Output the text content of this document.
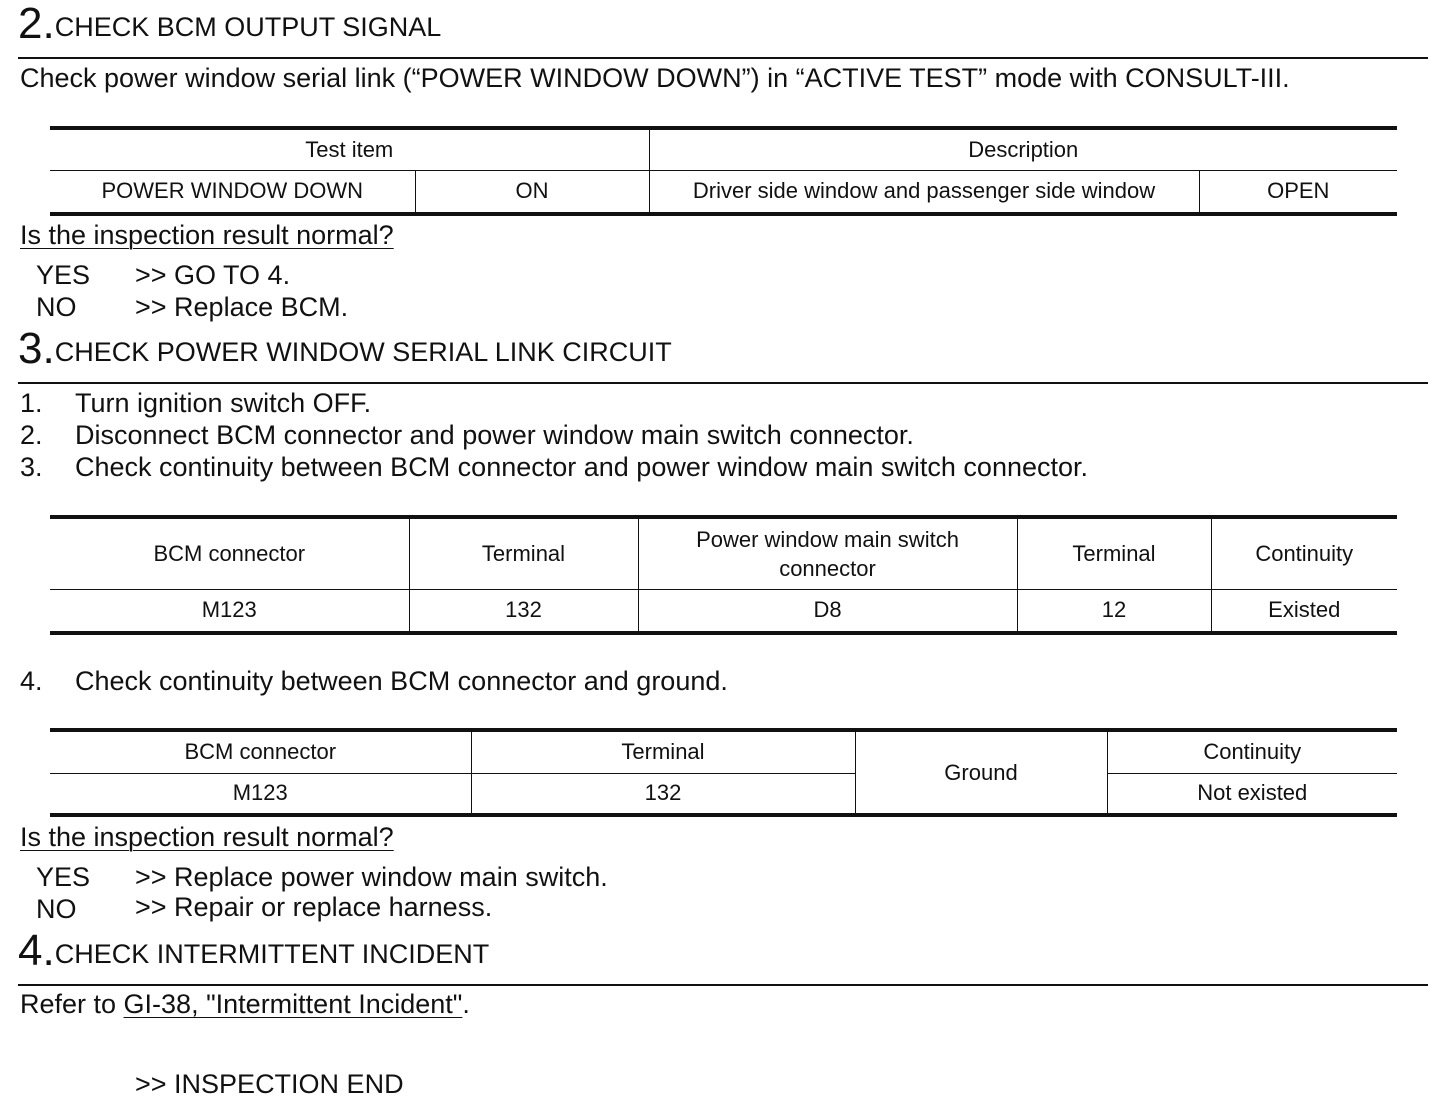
2.CHECK BCM OUTPUT SIGNAL
Check power window serial link (“POWER WINDOW DOWN”) in “ACTIVE TEST” mode with CONSULT-III.
Test item		Description	
POWER WINDOW DOWN	ON	Driver side window and passenger side window	OPEN
Is the inspection result normal?
YES >> GO TO 4.
NO >> Replace BCM.
3.CHECK POWER WINDOW SERIAL LINK CIRCUIT
1. Turn ignition switch OFF.
2. Disconnect BCM connector and power window main switch connector.
3. Check continuity between BCM connector and power window main switch connector.
BCM connector	Terminal	Power window main switch connector	Terminal	Continuity
M123	132	D8	12	Existed
4. Check continuity between BCM connector and ground.
BCM connector	Terminal	Ground	Continuity
M123	132		Not existed
Is the inspection result normal?
YES >> Replace power window main switch.
NO >> Repair or replace harness.
4.CHECK INTERMITTENT INCIDENT
Refer to GI-38, "Intermittent Incident".
>> INSPECTION END
